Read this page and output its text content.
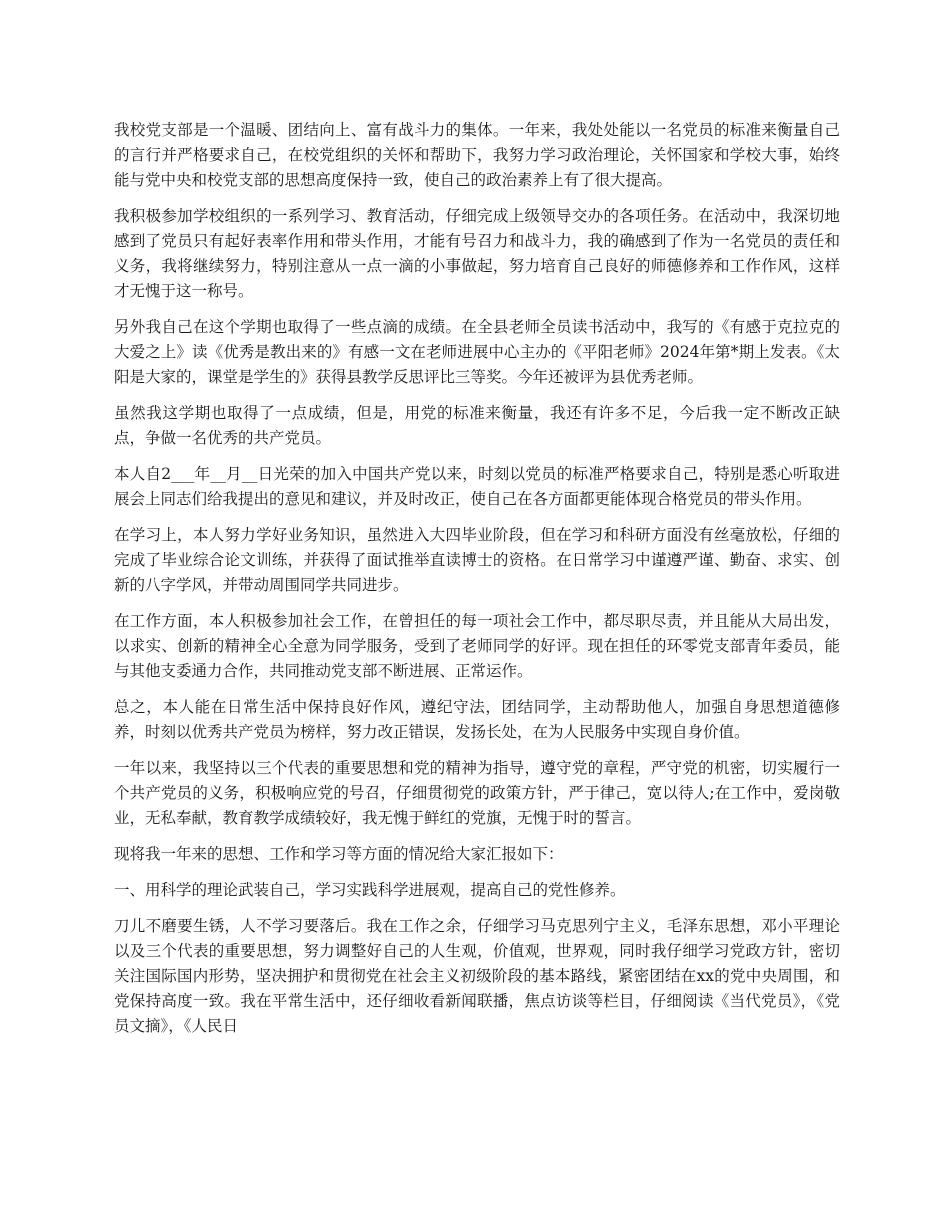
我校党支部是一个温暖、团结向上、富有战斗力的集体。一年来，我处处能以一名党员的标准来衡量自己的言行并严格要求自己，在校党组织的关怀和帮助下，我努力学习政治理论，关怀国家和学校大事，始终能与党中央和校党支部的思想高度保持一致，使自己的政治素养上有了很大提高。

我积极参加学校组织的一系列学习、教育活动，仔细完成上级领导交办的各项任务。在活动中，我深切地感到了党员只有起好表率作用和带头作用，才能有号召力和战斗力，我的确感到了作为一名党员的责任和义务，我将继续努力，特别注意从一点一滴的小事做起，努力培育自己良好的师德修养和工作作风，这样才无愧于这一称号。

另外我自己在这个学期也取得了一些点滴的成绩。在全县老师全员读书活动中，我写的《有感于克拉克的大爱之上》读《优秀是教出来的》有感一文在老师进展中心主办的《平阳老师》2024年第*期上发表。《太阳是大家的，课堂是学生的》获得县教学反思评比三等奖。今年还被评为县优秀老师。

虽然我这学期也取得了一点成绩，但是，用党的标准来衡量，我还有许多不足，今后我一定不断改正缺点，争做一名优秀的共产党员。

本人自2___年__月__日光荣的加入中国共产党以来，时刻以党员的标准严格要求自己，特别是悉心听取进展会上同志们给我提出的意见和建议，并及时改正，使自己在各方面都更能体现合格党员的带头作用。

在学习上，本人努力学好业务知识，虽然进入大四毕业阶段，但在学习和科研方面没有丝毫放松，仔细的完成了毕业综合论文训练，并获得了面试推举直读博士的资格。在日常学习中谨遵严谨、勤奋、求实、创新的八字学风，并带动周围同学共同进步。

在工作方面，本人积极参加社会工作，在曾担任的每一项社会工作中，都尽职尽责，并且能从大局出发，以求实、创新的精神全心全意为同学服务，受到了老师同学的好评。现在担任的环零党支部青年委员，能与其他支委通力合作，共同推动党支部不断进展、正常运作。

总之，本人能在日常生活中保持良好作风，遵纪守法，团结同学，主动帮助他人，加强自身思想道德修养，时刻以优秀共产党员为榜样，努力改正错误，发扬长处，在为人民服务中实现自身价值。

一年以来，我坚持以三个代表的重要思想和党的精神为指导，遵守党的章程，严守党的机密，切实履行一个共产党员的义务，积极响应党的号召，仔细贯彻党的政策方针，严于律己，宽以待人;在工作中，爱岗敬业，无私奉献，教育教学成绩较好，我无愧于鲜红的党旗，无愧于时的誓言。

现将我一年来的思想、工作和学习等方面的情况给大家汇报如下：

一、用科学的理论武装自己，学习实践科学进展观，提高自己的党性修养。

刀儿不磨要生锈，人不学习要落后。我在工作之余，仔细学习马克思列宁主义，毛泽东思想，邓小平理论以及三个代表的重要思想，努力调整好自己的人生观，价值观，世界观，同时我仔细学习党政方针，密切关注国际国内形势，坚决拥护和贯彻党在社会主义初级阶段的基本路线，紧密团结在xx的党中央周围，和党保持高度一致。我在平常生活中，还仔细收看新闻联播，焦点访谈等栏目，仔细阅读《当代党员》，《党员文摘》，《人民日
